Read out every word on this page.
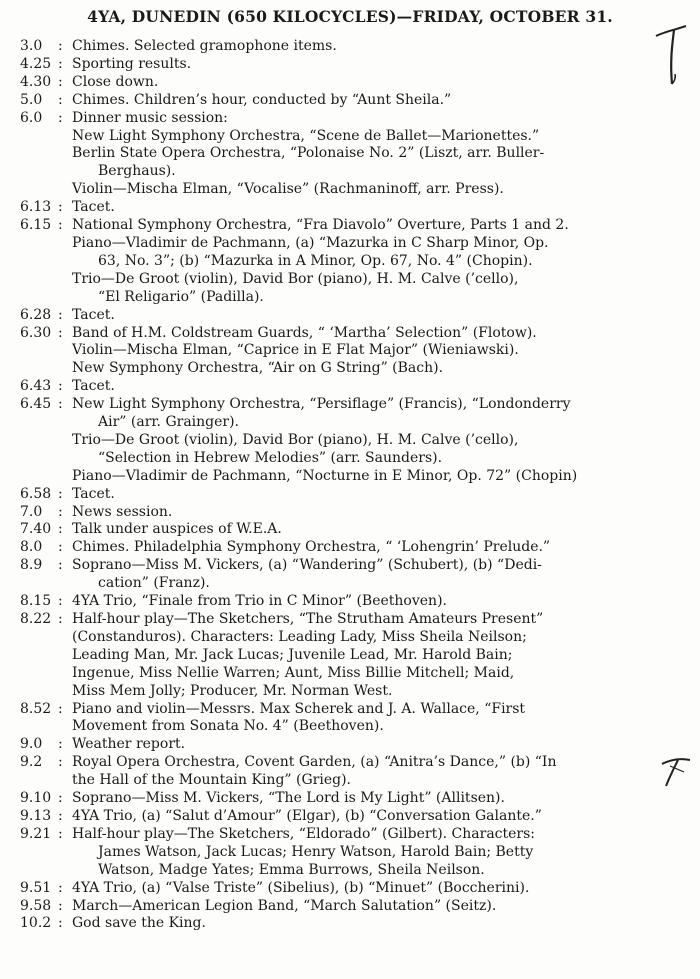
4YA, DUNEDIN (650 KILOCYCLES)—FRIDAY, OCTOBER 31.
3.0	: Chimes. Selected gramophone items.
4.25 : Sporting results.
4.30 : Close down.
5.0	: Chimes. Children’s hour, conducted by “Aunt Sheila.”
6.0	: Dinner music session:
New Light Symphony Orchestra, “Scene de Ballet—Marionettes.”
Berlin State Opera Orchestra, “Polonaise No. 2” (Liszt, arr. Buller-
Berghaus).
Violin—Mischa Elman, “Vocalise” (Rachmaninoff, arr. Press).
6.13 : Tacet.
6.15 : National Symphony Orchestra, “Fra Diavolo” Overture, Parts 1 and 2.
Piano—Vladimir de Pachmann, (a) “Mazurka in C Sharp Minor, Op.
63, No. 3”; (b) “Mazurka in A Minor, Op. 67, No. 4” (Chopin).
Trio—De Groot (violin), David Bor (piano), H. M. Calve (’cello),
“El Religario” (Padilla).
6.28 : Tacet.
6.30 : Band of H.M. Coldstream Guards, “ ‘Martha’ Selection” (Flotow).
Violin—Mischa Elman, “Caprice in E Flat Major” (Wieniawski).
New Symphony Orchestra, “Air on G String” (Bach).
6.43 : Tacet.
6.45 : New Light Symphony Orchestra, “Persiflage” (Francis), “Londonderry
Air” (arr. Grainger).
Trio—De Groot (violin), David Bor (piano), H. M. Calve (’cello),
“Selection in Hebrew Melodies” (arr. Saunders).
Piano—Vladimir de Pachmann, “Nocturne in E Minor, Op. 72” (Chopin)
6.58 : Tacet.
7.0	: News session.
7.40 : Talk under auspices of W.E.A.
8.0	: Chimes. Philadelphia Symphony Orchestra, “ ‘Lohengrin’ Prelude.”
8.9	: Soprano—Miss M. Vickers, (a) “Wandering” (Schubert), (b) “Dedi-
cation” (Franz).
8.15 : 4YA Trio, “Finale from Trio in C Minor” (Beethoven).
8.22 : Half-hour play—The Sketchers, “The Strutham Amateurs Present”
(Constanduros). Characters: Leading Lady, Miss Sheila Neilson;
Leading Man, Mr. Jack Lucas; Juvenile Lead, Mr. Harold Bain;
Ingenue, Miss Nellie Warren; Aunt, Miss Billie Mitchell; Maid,
Miss Mem Jolly; Producer, Mr. Norman West.
8.52 : Piano and violin—Messrs. Max Scherek and J. A. Wallace, “First
Movement from Sonata No. 4” (Beethoven).
9.0	: Weather report.
9.2	: Royal Opera Orchestra, Covent Garden, (a) “Anitra’s Dance,” (b) “In
the Hall of the Mountain King” (Grieg).
9.10 : Soprano—Miss M. Vickers, “The Lord is My Light” (Allitsen).
9.13 : 4YA Trio, (a) “Salut d’Amour” (Elgar), (b) “Conversation Galante.”
9.21 : Half-hour play—The Sketchers, “Eldorado” (Gilbert). Characters:
James Watson, Jack Lucas; Henry Watson, Harold Bain; Betty
Watson, Madge Yates; Emma Burrows, Sheila Neilson.
9.51 : 4YA Trio, (a) “Valse Triste” (Sibelius), (b) “Minuet” (Boccherini).
9.58 : March—American Legion Band, “March Salutation” (Seitz).
10.2 : God save the King.
